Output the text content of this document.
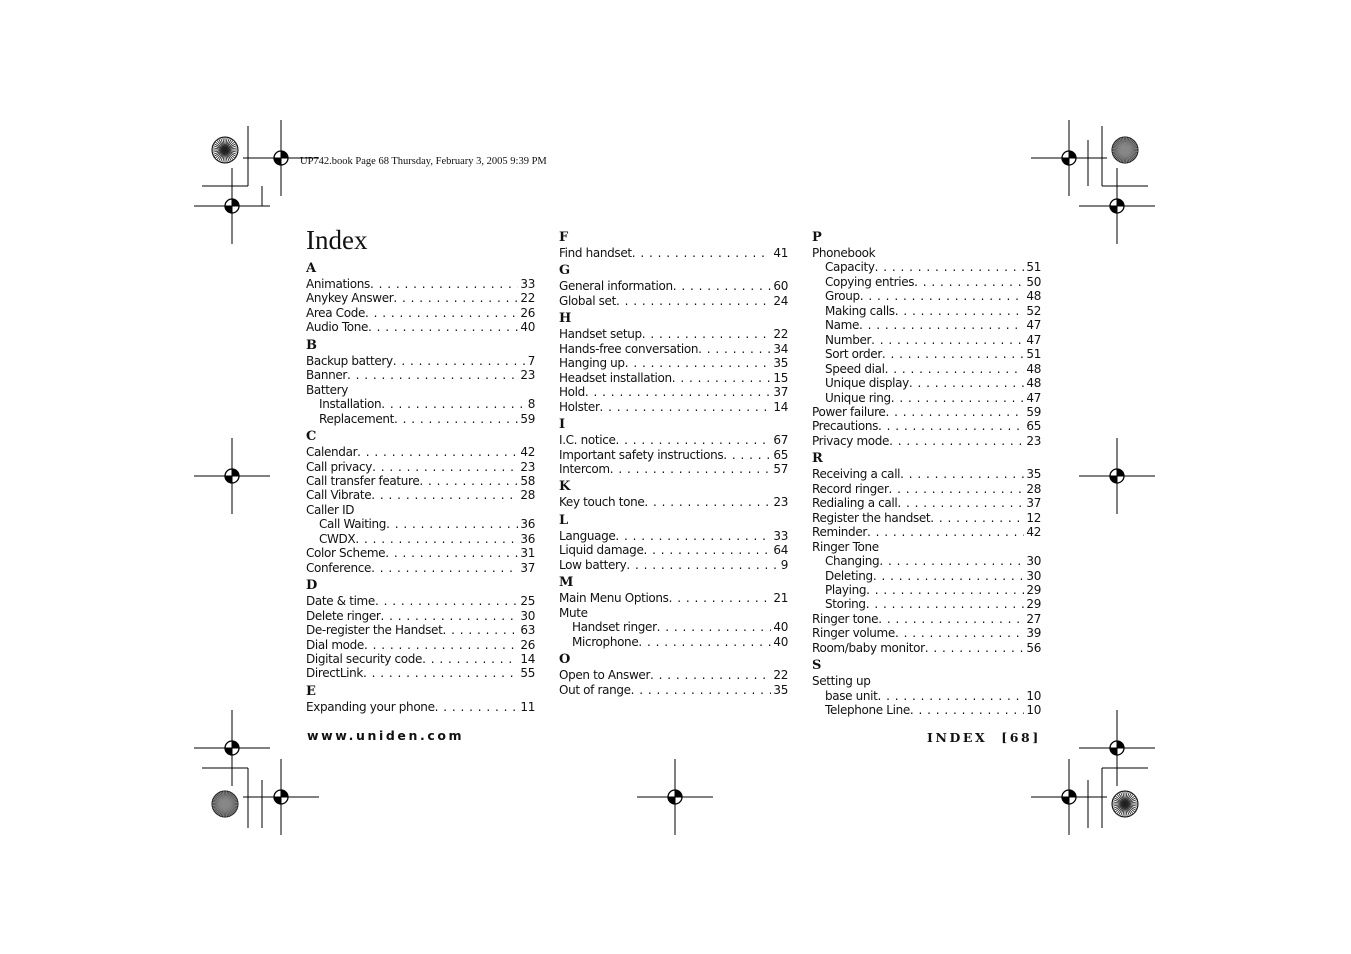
UP742.book Page 68 Thursday, February 3, 2005 9:39 PM
Index
A
Animations . . .	33
Anykey Answer . . .	22
Area Code . . .	26
Audio Tone . . .	40
B
Backup battery . . .	7
Banner . . .	23
Battery
Installation . . .	8
Replacement . . .	59
C
Calendar . . .	42
Call privacy . . .	23
Call transfer feature . . .	58
Call Vibrate . . .	28
Caller ID
Call Waiting . . .	36
CWDX . . .	36
Color Scheme . . .	31
Conference . . .	37
D
Date & time . . .	25
Delete ringer . . .	30
De-register the Handset . . .	63
Dial mode . . .	26
Digital security code . . .	14
DirectLink . . .	55
E
Expanding your phone . . .	11
F
Find handset . . .	41
G
General information . . .	60
Global set . . .	24
H
Handset setup . . .	22
Hands-free conversation . . .	34
Hanging up . . .	35
Headset installation . . .	15
Hold . . .	37
Holster . . .	14
I
I.C. notice . . .	67
Important safety instructions . . .	65
Intercom . . .	57
K
Key touch tone . . .	23
L
Language . . .	33
Liquid damage . . .	64
Low battery . . .	9
M
Main Menu Options . . .	21
Mute
Handset ringer . . .	40
Microphone . . .	40
O
Open to Answer . . .	22
Out of range . . .	35
P
Phonebook
Capacity . . .	51
Copying entries . . .	50
Group . . .	48
Making calls . . .	52
Name . . .	47
Number . . .	47
Sort order . . .	51
Speed dial . . .	48
Unique display . . .	48
Unique ring . . .	47
Power failure . . .	59
Precautions . . .	65
Privacy mode . . .	23
R
Receiving a call . . .	35
Record ringer . . .	28
Redialing a call . . .	37
Register the handset . . .	12
Reminder . . .	42
Ringer Tone
Changing . . .	30
Deleting . . .	30
Playing . . .	29
Storing . . .	29
Ringer tone . . .	27
Ringer volume . . .	39
Room/baby monitor . . .	56
S
Setting up
base unit . . .	10
Telephone Line . . .	10
www.uniden.com	INDEX [68]
